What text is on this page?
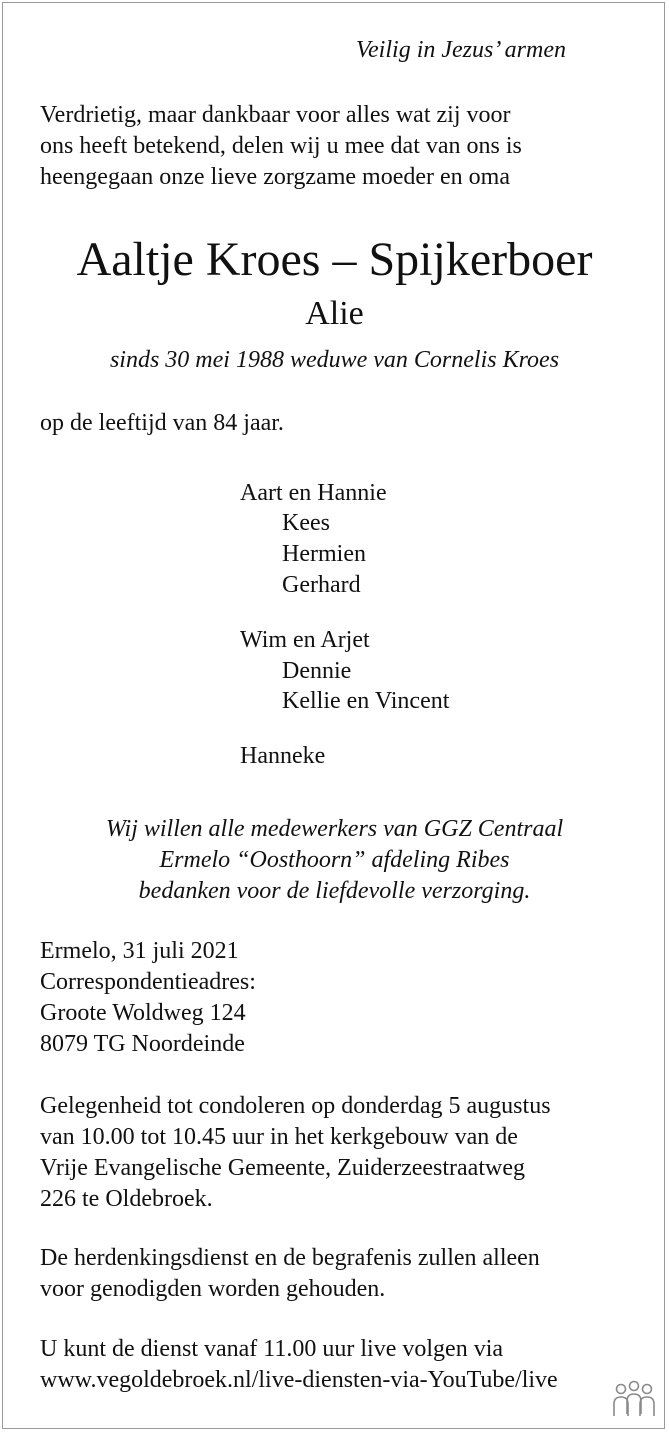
Veilig in Jezus’ armen
Verdrietig, maar dankbaar voor alles wat zij voor
ons heeft betekend, delen wij u mee dat van ons is
heengegaan onze lieve zorgzame moeder en oma
Aaltje Kroes – Spijkerboer
Alie
sinds 30 mei 1988 weduwe van Cornelis Kroes
op de leeftijd van 84 jaar.
Aart en Hannie
Kees
Hermien
Gerhard
Wim en Arjet
Dennie
Kellie en Vincent
Hanneke
Wij willen alle medewerkers van GGZ Centraal
Ermelo “Oosthoorn” afdeling Ribes
bedanken voor de liefdevolle verzorging.
Ermelo, 31 juli 2021
Correspondentieadres:
Groote Woldweg 124
8079 TG Noordeinde
Gelegenheid tot condoleren op donderdag 5 augustus
van 10.00 tot 10.45 uur in het kerkgebouw van de
Vrije Evangelische Gemeente, Zuiderzeestraatweg
226 te Oldebroek.
De herdenkingsdienst en de begrafenis zullen alleen
voor genodigden worden gehouden.
U kunt de dienst vanaf 11.00 uur live volgen via
www.vegoldebroek.nl/live-diensten-via-YouTube/live
